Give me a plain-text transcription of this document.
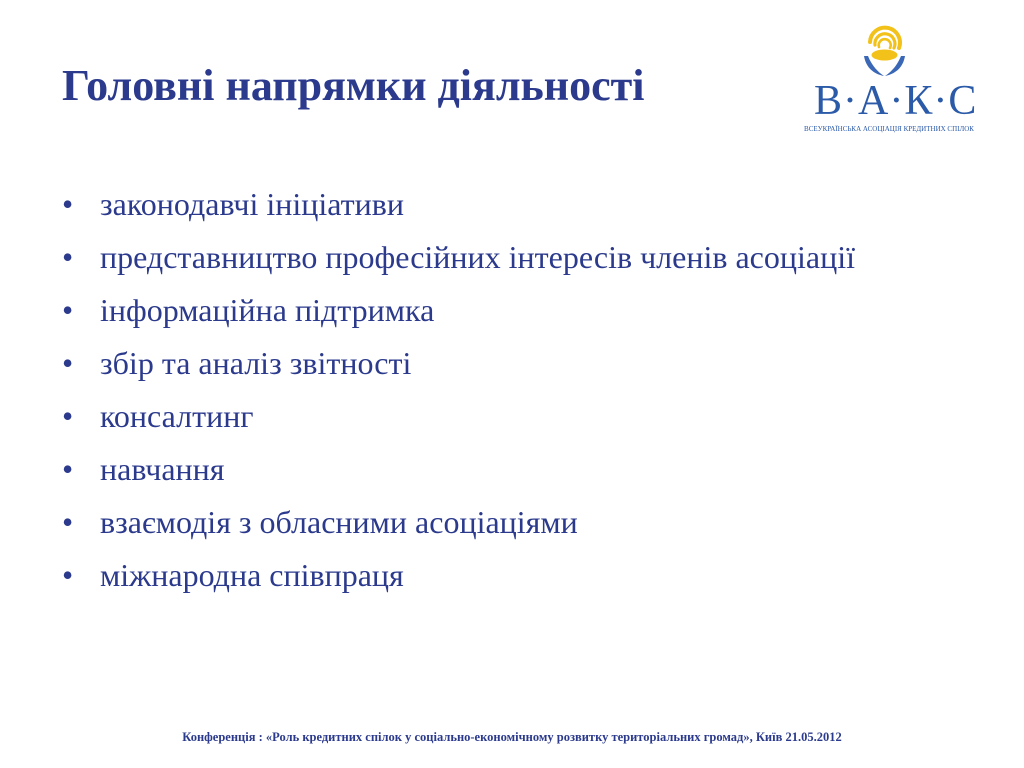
Головні напрямки діяльності	В·А·К·С
ВСЕУКРАЇНСЬКА АСОЦІАЦІЯ КРЕДИТНИХ СПІЛОК
• законодавчі ініціативи
• представництво професійних інтересів членів асоціації
• інформаційна підтримка
• збір та аналіз звітності
• консалтинг
• навчання
• взаємодія з обласними асоціаціями
• міжнародна співпраця
Конференція : «Роль кредитних спілок у соціально-економічному розвитку територіальних громад», Київ 21.05.2012
